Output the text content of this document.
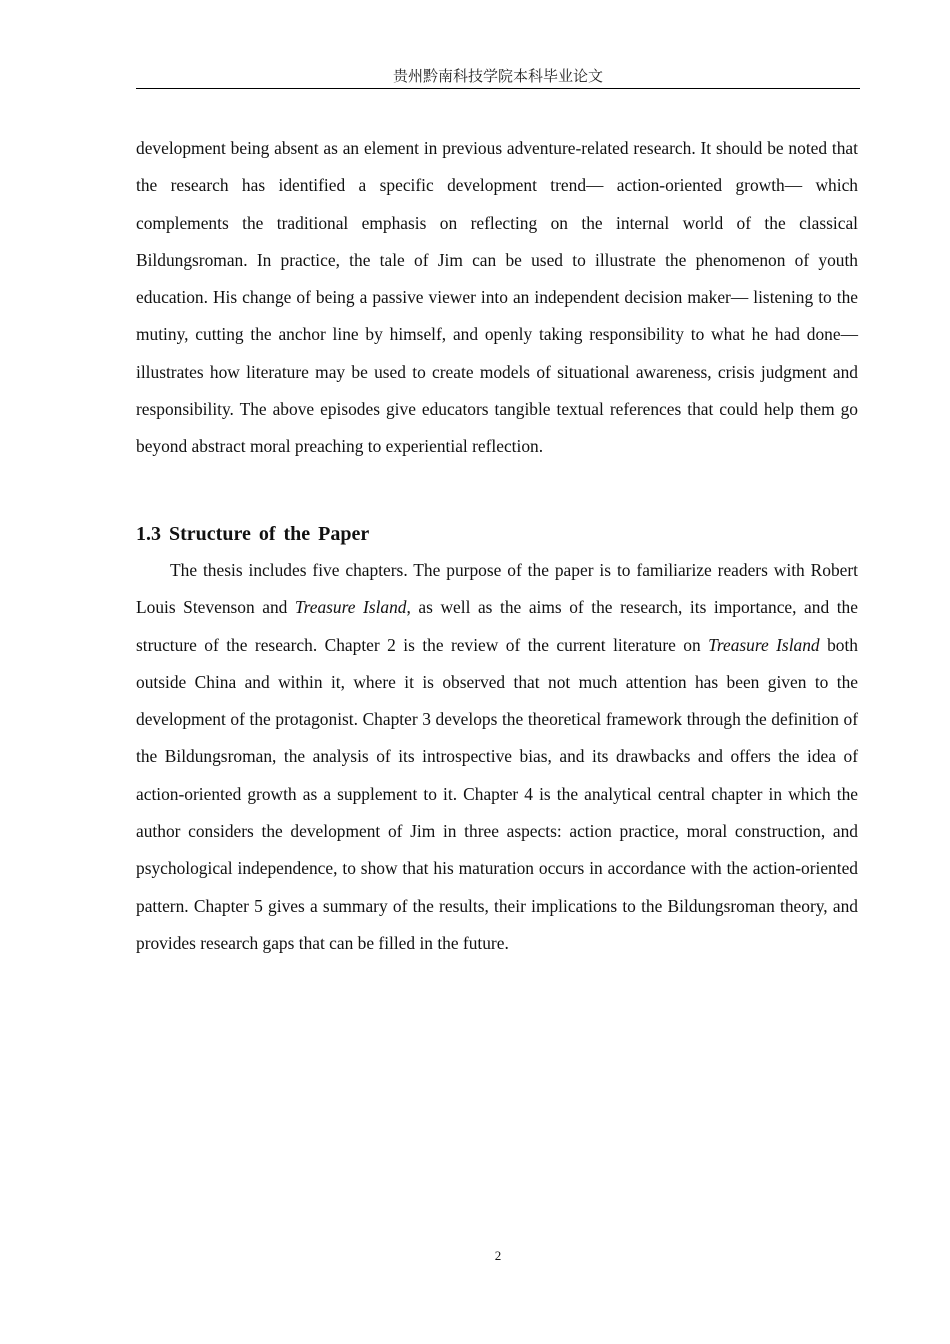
贵州黔南科技学院本科毕业论文

development being absent as an element in previous adventure-related research. It should be noted that the research has identified a specific development trend— action-oriented growth— which complements the traditional emphasis on reflecting on the internal world of the classical Bildungsroman. In practice, the tale of Jim can be used to illustrate the phenomenon of youth education. His change of being a passive viewer into an independent decision maker— listening to the mutiny, cutting the anchor line by himself, and openly taking responsibility to what he had done— illustrates how literature may be used to create models of situational awareness, crisis judgment and responsibility. The above episodes give educators tangible textual references that could help them go beyond abstract moral preaching to experiential reflection.

1.3 Structure of the Paper

The thesis includes five chapters. The purpose of the paper is to familiarize readers with Robert Louis Stevenson and Treasure Island, as well as the aims of the research, its importance, and the structure of the research. Chapter 2 is the review of the current literature on Treasure Island both outside China and within it, where it is observed that not much attention has been given to the development of the protagonist. Chapter 3 develops the theoretical framework through the definition of the Bildungsroman, the analysis of its introspective bias, and its drawbacks and offers the idea of action-oriented growth as a supplement to it. Chapter 4 is the analytical central chapter in which the author considers the development of Jim in three aspects: action practice, moral construction, and psychological independence, to show that his maturation occurs in accordance with the action-oriented pattern. Chapter 5 gives a summary of the results, their implications to the Bildungsroman theory, and provides research gaps that can be filled in the future.

2
